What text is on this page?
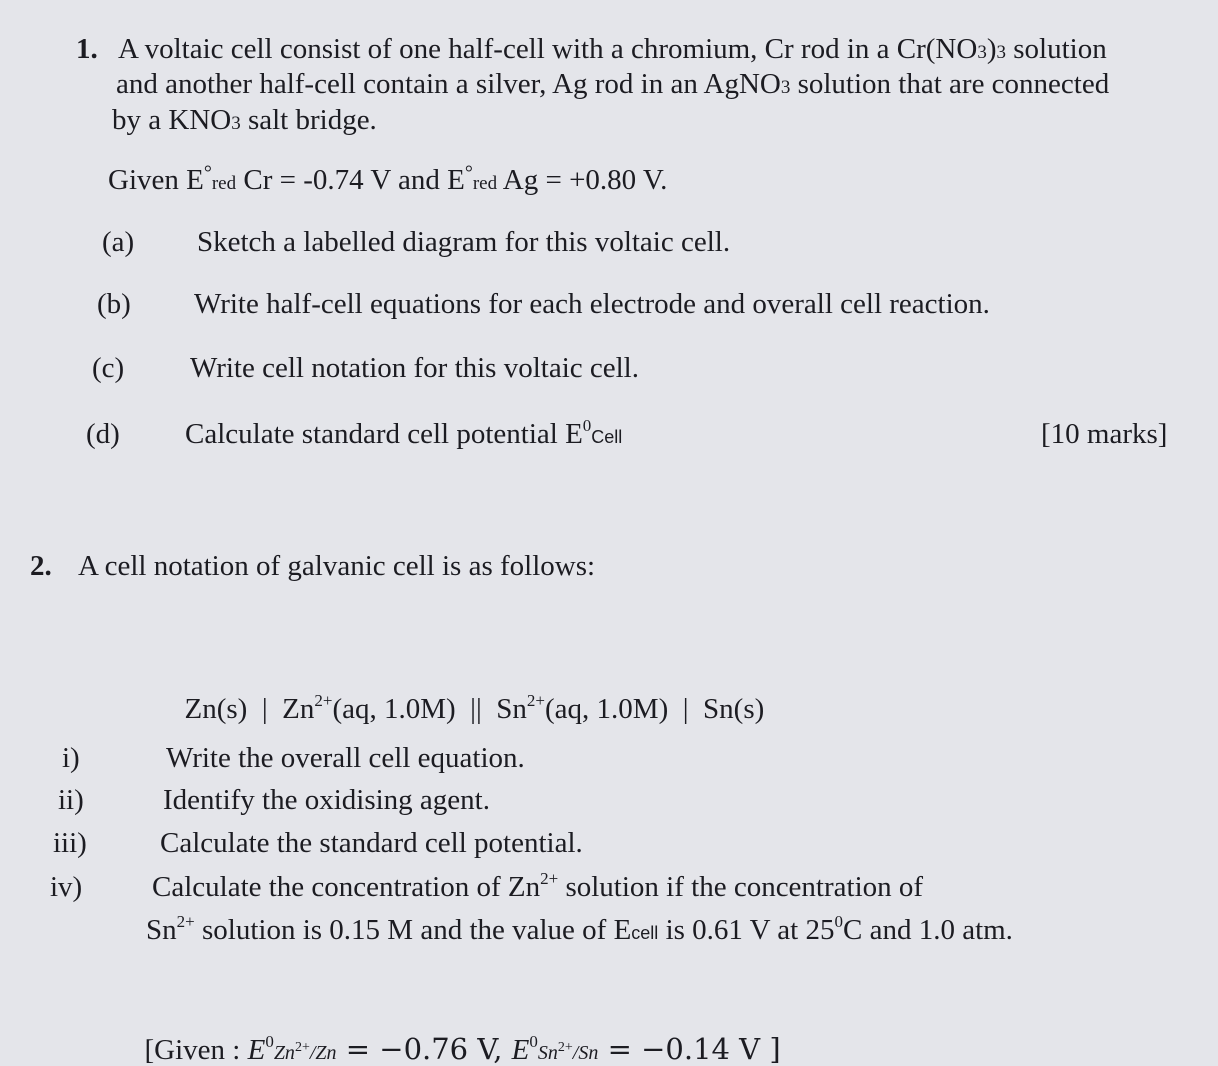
1. A voltaic cell consist of one half-cell with a chromium, Cr rod in a Cr(NO3)3 solution
and another half-cell contain a silver, Ag rod in an AgNO3 solution that are connected
by a KNO3 salt bridge.
Given E°red Cr = -0.74 V and E°red Ag = +0.80 V.
(a) Sketch a labelled diagram for this voltaic cell.
(b) Write half-cell equations for each electrode and overall cell reaction.
(c) Write cell notation for this voltaic cell.
(d) Calculate standard cell potential $E^0Cell$	[10 marks]
2. A cell notation of galvanic cell is as follows:

Zn(s)  |  $Zn^{2+}(aq$, 1.0M)  ||  $Sn^{2+}(aq$, 1.0M)  |  Sn(s)

i)	Write the overall cell equation.
ii)	Identify the oxidising agent.
iii)	Calculate the standard cell potential.
iv) Calculate the concentration of $Zn^{2+}$ solution if the concentration of
$Sn^{2+}$ solution is 0.15 M and the value of Ecell is 0.61 V at $25^0C$ and 1.0 atm.

[Given : $E^0Zn^{2+}/Zn = -0.76$ V, $E^0Sn^{2+}/Sn = -0.14$ V ]
